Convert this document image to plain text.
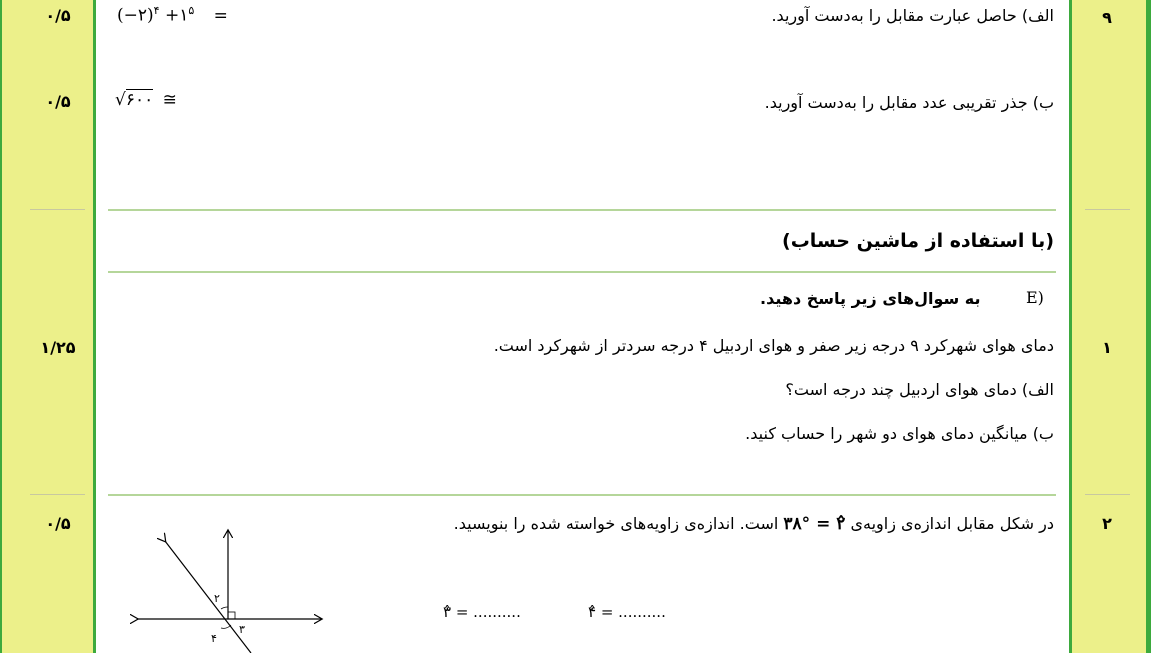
۰/۵
۰/۵
۱/۲۵
۰/۵
۹
۱
۲
الف) حاصل عبارت مقابل را به‌دست آورید.
(−۲)$^۴$ $+۱^۵$ =
ب) جذر تقریبی عدد مقابل را به‌دست آورید.
√۶۰۰ ≅
(با استفاده از ماشین حساب)
به سوال‌های زیر پاسخ دهید.	E)
دمای هوای شهرکرد ۹ درجه زیر صفر و هوای اردبیل ۴ درجه سردتر از شهرکرد است.
الف) دمای هوای اردبیل چند درجه است؟
ب) میانگین دمای هوای دو شهر را حساب کنید.
در شکل مقابل اندازه‌ی زاویه‌ی ۳۸° = ۲̂ است. اندازه‌ی زاویه‌های خواسته شده را بنویسید.
۴̂ = ..........
۳̂ = ..........
۲
۳
۴
